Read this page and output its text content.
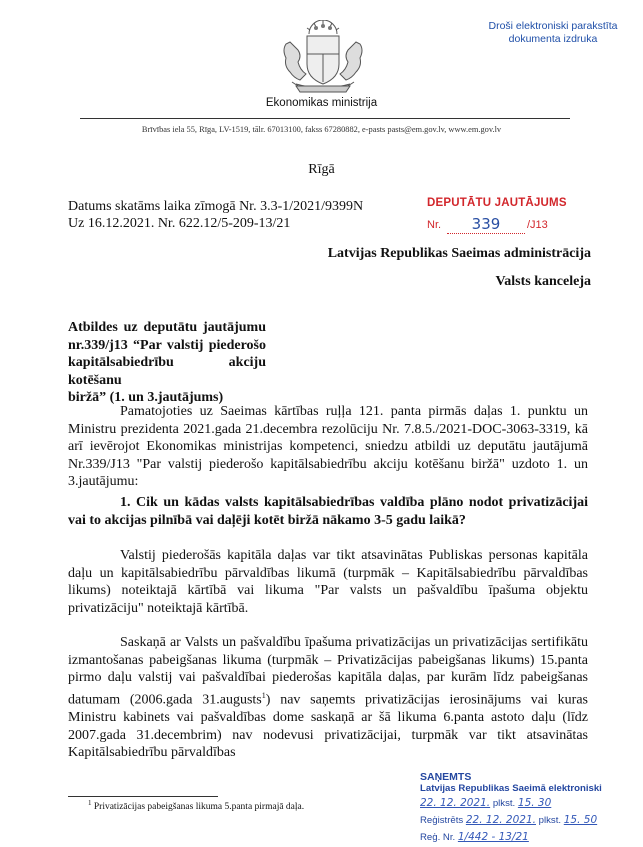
Droši elektroniski parakstīta
dokumenta izdruka
Ekonomikas ministrija
Brīvības iela 55, Rīga, LV-1519, tālr. 67013100, fakss 67280882, e-pasts pasts@em.gov.lv, www.em.gov.lv
Rīgā
Datums skatāms laika zīmogā Nr. 3.3-1/2021/9399N
Uz 16.12.2021. Nr. 622.12/5-209-13/21
DEPUTĀTU JAUTĀJUMS
Nr.	339	/J13
Latvijas Republikas Saeimas administrācija
Valsts kanceleja
Atbildes uz deputātu jautājumu
nr.339/j13 “Par valstij piederošo
kapitālsabiedrību akciju kotēšanu
biržā” (1. un 3.jautājums)
Pamatojoties uz Saeimas kārtības ruļļa 121. panta pirmās daļas 1. punktu un Ministru prezidenta 2021.gada 21.decembra rezolūciju Nr. 7.8.5./2021-DOC-3063-3319, kā arī ievērojot Ekonomikas ministrijas kompetenci, sniedzu atbildi uz deputātu jautājumā Nr.339/J13 "Par valstij piederošo kapitālsabiedrību akciju kotēšanu biržā" uzdoto 1. un 3.jautājumu:
1. Cik un kādas valsts kapitālsabiedrības valdība plāno nodot privatizācijai vai to akcijas pilnībā vai daļēji kotēt biržā nākamo 3-5 gadu laikā?
Valstij piederošās kapitāla daļas var tikt atsavinātas Publiskas personas kapitāla daļu un kapitālsabiedrību pārvaldības likumā (turpmāk – Kapitālsabiedrību pārvaldības likums) noteiktajā kārtībā vai likuma "Par valsts un pašvaldību īpašuma objektu privatizāciju" noteiktajā kārtībā.
Saskaņā ar Valsts un pašvaldību īpašuma privatizācijas un privatizācijas sertifikātu izmantošanas pabeigšanas likuma (turpmāk – Privatizācijas pabeigšanas likums) 15.panta pirmo daļu valstij vai pašvaldībai piederošas kapitāla daļas, par kurām līdz pabeigšanas datumam (2006.gada 31.augusts$^1$) nav saņemts privatizācijas ierosinājums vai kuras Ministru kabinets vai pašvaldības dome saskaņā ar šā likuma 6.panta astoto daļu (līdz 2007.gada 31.decembrim) nav nodevusi privatizācijai, turpmāk var tikt atsavinātas Kapitālsabiedrību pārvaldības
$^1$ Privatizācijas pabeigšanas likuma 5.panta pirmajā daļa.
SAŅEMTS
Latvijas Republikas Saeimā elektroniski
22. 12. 2021. plkst. 15. 30
Reģistrēts 22. 12. 2021. plkst. 15. 50
Reģ. Nr. 1/442 - 13/21
